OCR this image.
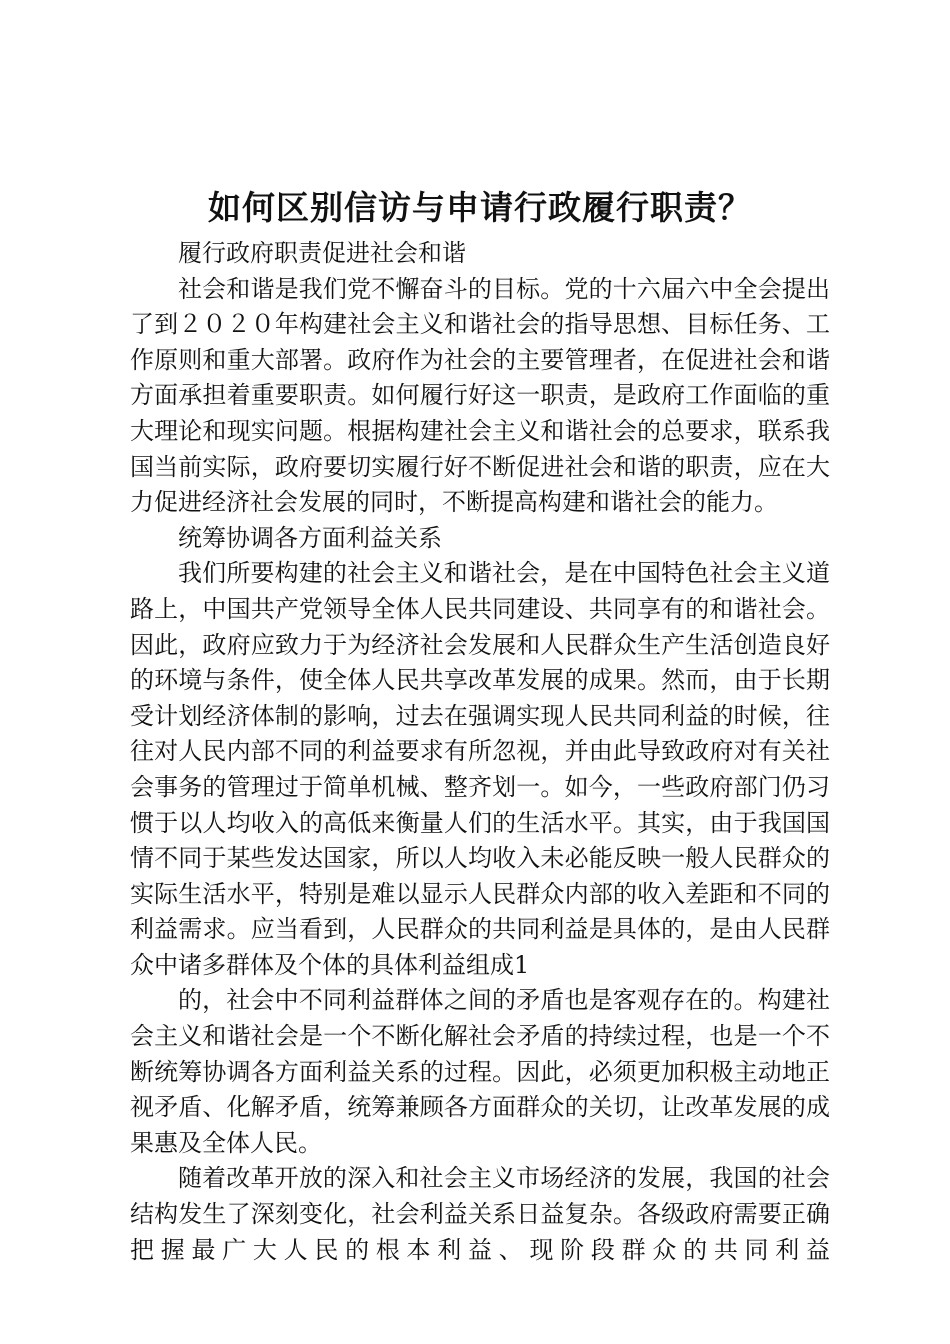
如何区别信访与申请行政履行职责？

履行政府职责促进社会和谐

社会和谐是我们党不懈奋斗的目标。党的十六届六中全会提出了到２０２０年构建社会主义和谐社会的指导思想、目标任务、工作原则和重大部署。政府作为社会的主要管理者，在促进社会和谐方面承担着重要职责。如何履行好这一职责，是政府工作面临的重大理论和现实问题。根据构建社会主义和谐社会的总要求，联系我国当前实际，政府要切实履行好不断促进社会和谐的职责，应在大力促进经济社会发展的同时，不断提高构建和谐社会的能力。

统筹协调各方面利益关系

我们所要构建的社会主义和谐社会，是在中国特色社会主义道路上，中国共产党领导全体人民共同建设、共同享有的和谐社会。因此，政府应致力于为经济社会发展和人民群众生产生活创造良好的环境与条件，使全体人民共享改革发展的成果。然而，由于长期受计划经济体制的影响，过去在强调实现人民共同利益的时候，往往对人民内部不同的利益要求有所忽视，并由此导致政府对有关社会事务的管理过于简单机械、整齐划一。如今，一些政府部门仍习惯于以人均收入的高低来衡量人们的生活水平。其实，由于我国国情不同于某些发达国家，所以人均收入未必能反映一般人民群众的实际生活水平，特别是难以显示人民群众内部的收入差距和不同的利益需求。应当看到，人民群众的共同利益是具体的，是由人民群众中诸多群体及个体的具体利益组成1

的，社会中不同利益群体之间的矛盾也是客观存在的。构建社会主义和谐社会是一个不断化解社会矛盾的持续过程，也是一个不断统筹协调各方面利益关系的过程。因此，必须更加积极主动地正视矛盾、化解矛盾，统筹兼顾各方面群众的关切，让改革发展的成果惠及全体人民。

随着改革开放的深入和社会主义市场经济的发展，我国的社会结构发生了深刻变化，社会利益关系日益复杂。各级政府需要正确把握最广大人民的根本利益、现阶段群众的共同利益
